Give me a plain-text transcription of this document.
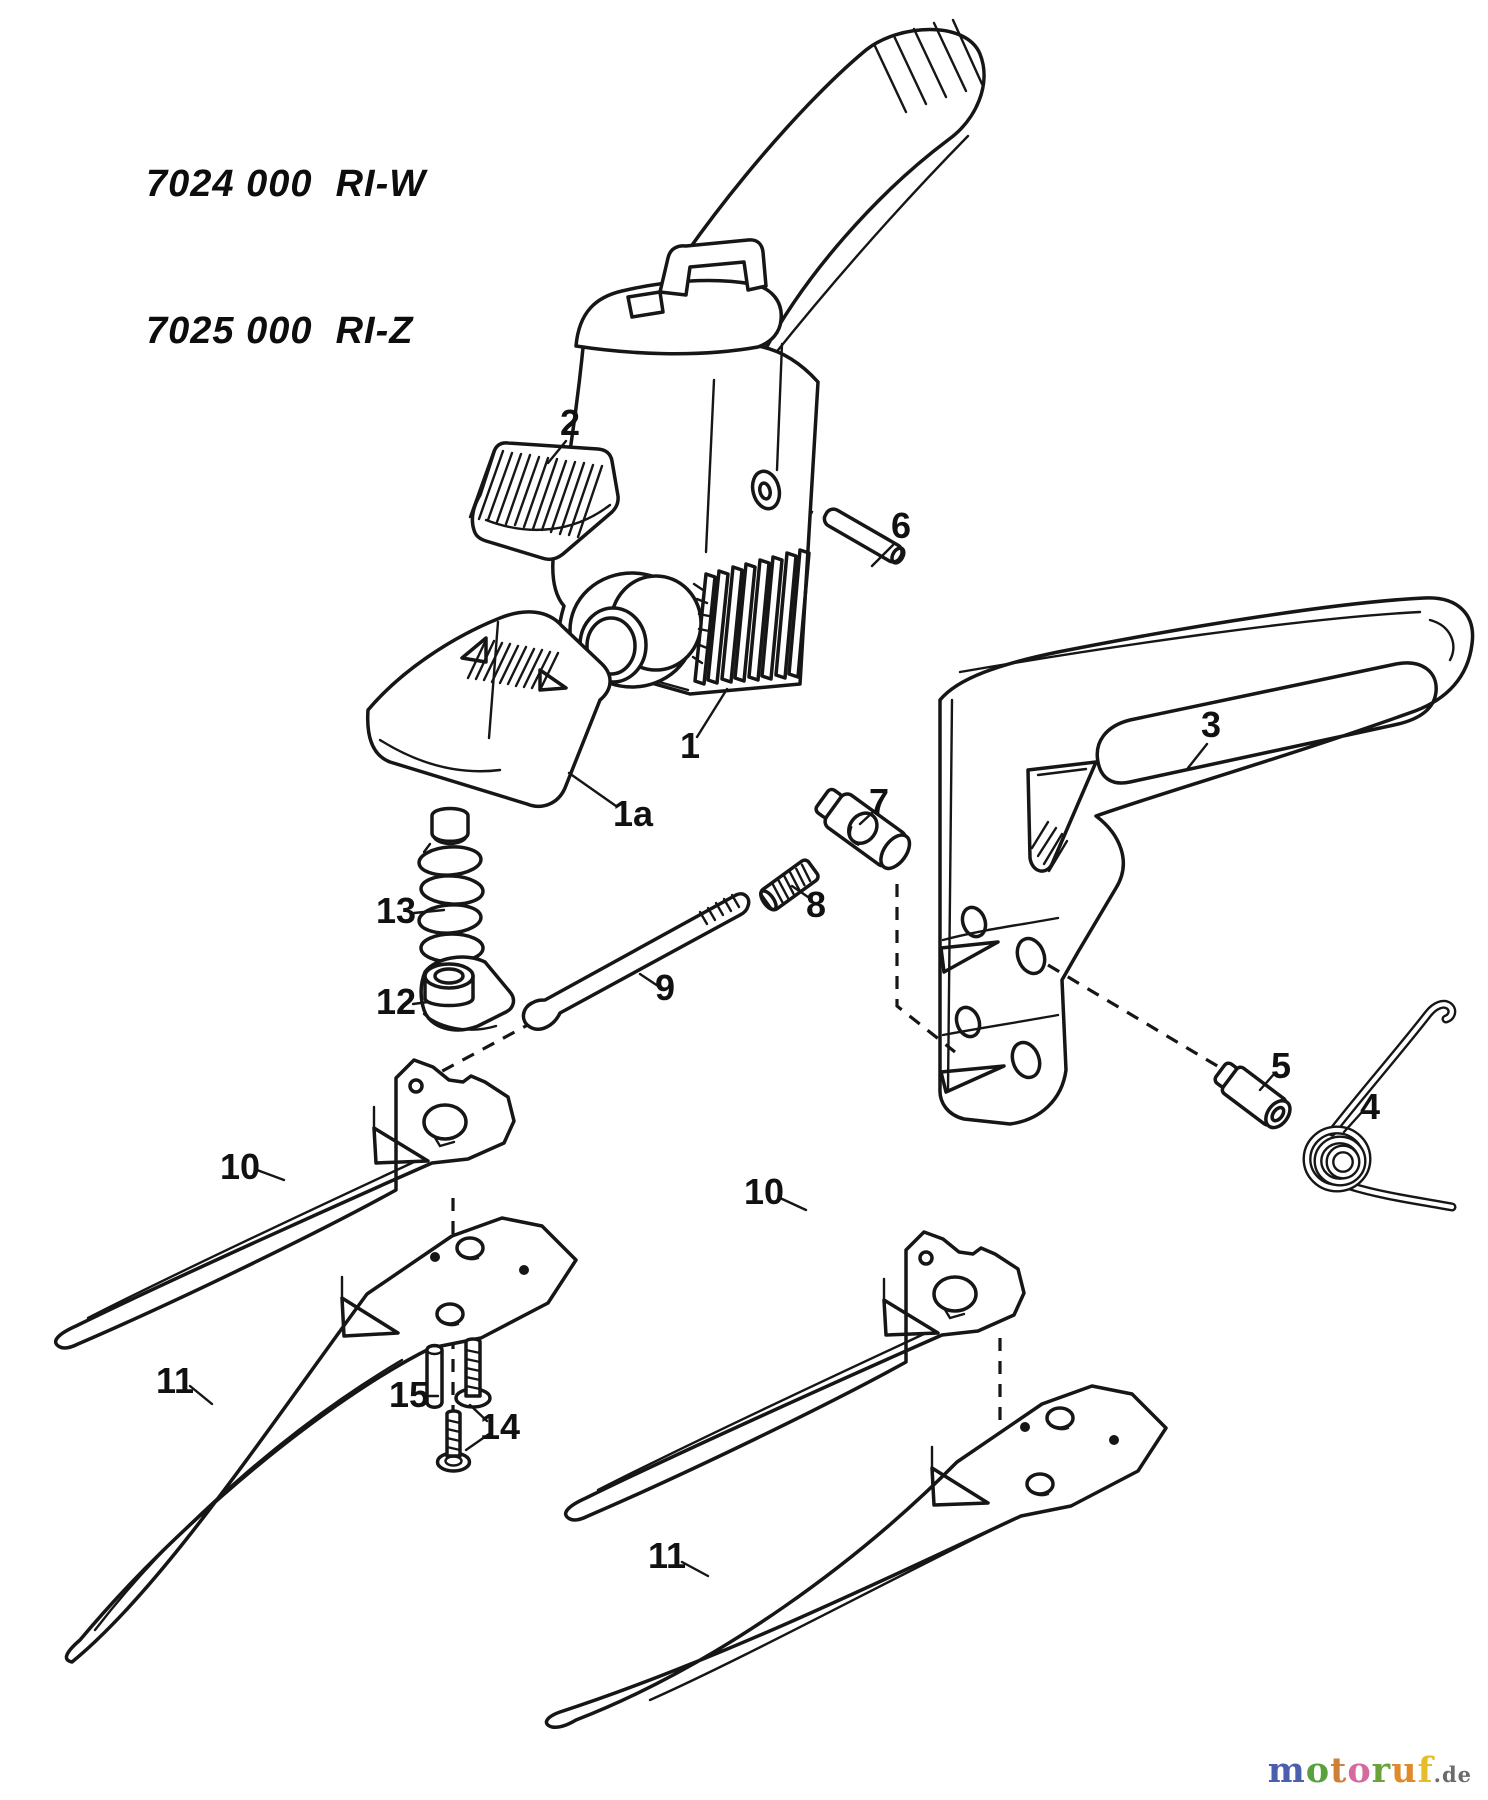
7024 000  RI-W

7025 000  RI-Z

2
6
1
1a
3
7
8
9
13
12
10
11
5
4
15
14
10
11
motoruf.de
